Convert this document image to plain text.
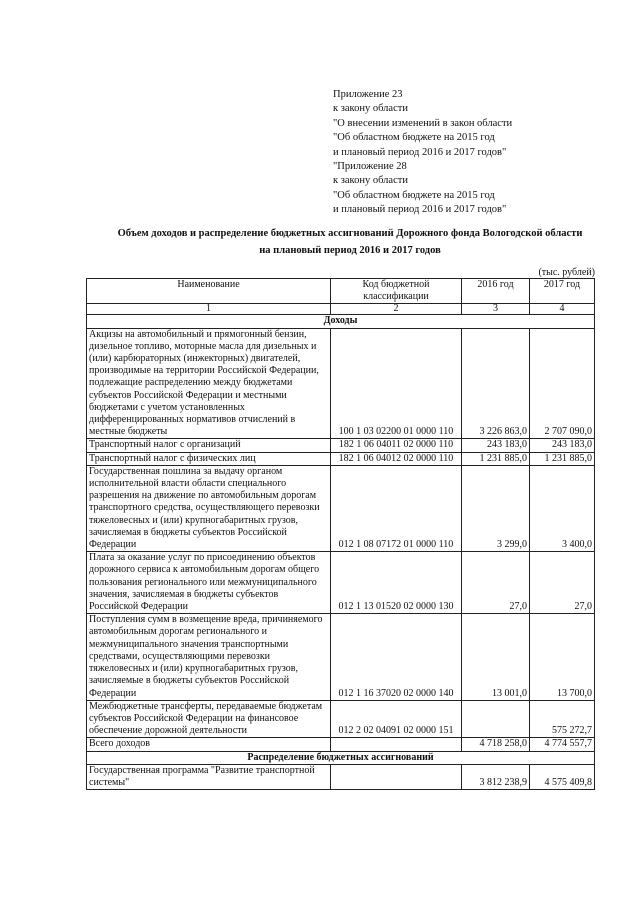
Приложение 23
к закону области
"О внесении изменений в закон области
"Об областном бюджете на 2015 год
и плановый период 2016 и 2017 годов"
"Приложение 28
к закону области
"Об областном бюджете на 2015 год
и плановый период 2016 и 2017 годов"
Объем доходов и распределение бюджетных ассигнований Дорожного фонда Вологодской области
на плановый период 2016 и 2017 годов
(тыс. рублей)
Наименование	Код бюджетной классификации	2016 год	2017 год
1	2	3	4
Доходы			
Акцизы на автомобильный и прямогонный бензин, дизельное топливо, моторные масла для дизельных и (или) карбюраторных (инжекторных) двигателей, производимые на территории Российской Федерации, подлежащие распределению между бюджетами субъектов Российской Федерации и местными бюджетами с учетом установленных дифференцированных нормативов отчислений в местные бюджеты	100 1 03 02200 01 0000 110	3 226 863,0	2 707 090,0
Транспортный налог с организаций	182 1 06 04011 02 0000 110	243 183,0	243 183,0
Транспортный налог с физических лиц	182 1 06 04012 02 0000 110	1 231 885,0	1 231 885,0
Государственная пошлина за выдачу органом исполнительной власти области специального разрешения на движение по автомобильным дорогам транспортного средства, осуществляющего перевозки тяжеловесных и (или) крупногабаритных грузов, зачисляемая в бюджеты субъектов Российской Федерации	012 1 08 07172 01 0000 110	3 299,0	3 400,0
Плата за оказание услуг по присоединению объектов дорожного сервиса к автомобильным дорогам общего пользования регионального или межмуниципального значения, зачисляемая в бюджеты субъектов Российской Федерации	012 1 13 01520 02 0000 130	27,0	27,0
Поступления сумм в возмещение вреда, причиняемого автомобильным дорогам регионального и межмуниципального значения транспортными средствами, осуществляющими перевозки тяжеловесных и (или) крупногабаритных грузов, зачисляемые в бюджеты субъектов Российской Федерации	012 1 16 37020 02 0000 140	13 001,0	13 700,0
Межбюджетные трансферты, передаваемые бюджетам субъектов Российской Федерации на финансовое обеспечение дорожной деятельности	012 2 02 04091 02 0000 151		575 272,7
Всего доходов		4 718 258,0	4 774 557,7
Распределение бюджетных ассигнований			
Государственная программа "Развитие транспортной системы"		3 812 238,9	4 575 409,8
